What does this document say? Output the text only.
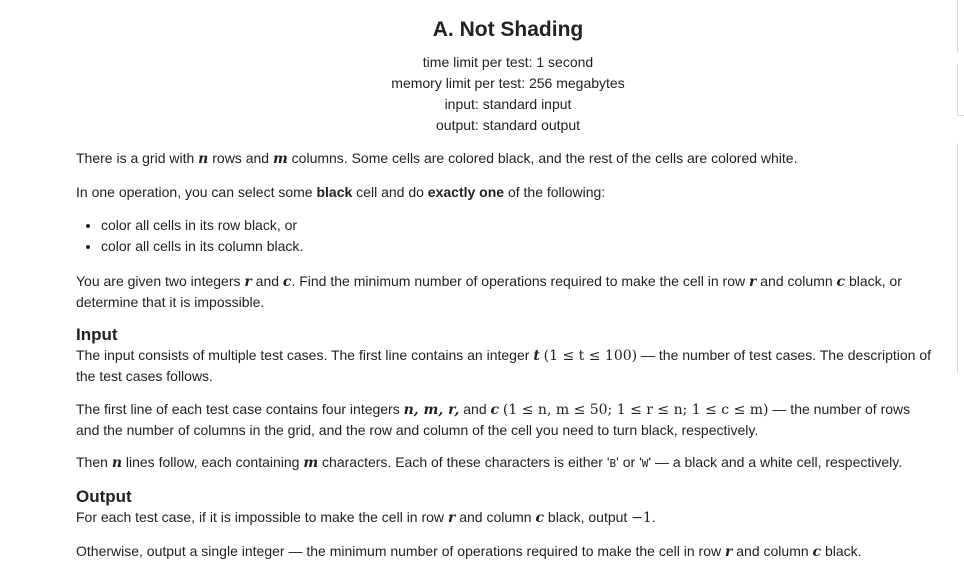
A. Not Shading
time limit per test: 1 second
memory limit per test: 256 megabytes
input: standard input
output: standard output
There is a grid with n rows and m columns. Some cells are colored black, and the rest of the cells are colored white.
In one operation, you can select some black cell and do exactly one of the following:
• color all cells in its row black, or
• color all cells in its column black.
You are given two integers r and c. Find the minimum number of operations required to make the cell in row r and column c black, or
determine that it is impossible.
Input
The input consists of multiple test cases. The first line contains an integer t (1 ≤ t ≤ 100) — the number of test cases. The description of
the test cases follows.
The first line of each test case contains four integers n, m, r, and c (1 ≤ n, m ≤ 50; 1 ≤ r ≤ n; 1 ≤ c ≤ m) — the number of rows
and the number of columns in the grid, and the row and column of the cell you need to turn black, respectively.
Then n lines follow, each containing m characters. Each of these characters is either 'B' or 'W' — a black and a white cell, respectively.
Output
For each test case, if it is impossible to make the cell in row r and column c black, output −1.
Otherwise, output a single integer — the minimum number of operations required to make the cell in row r and column c black.
